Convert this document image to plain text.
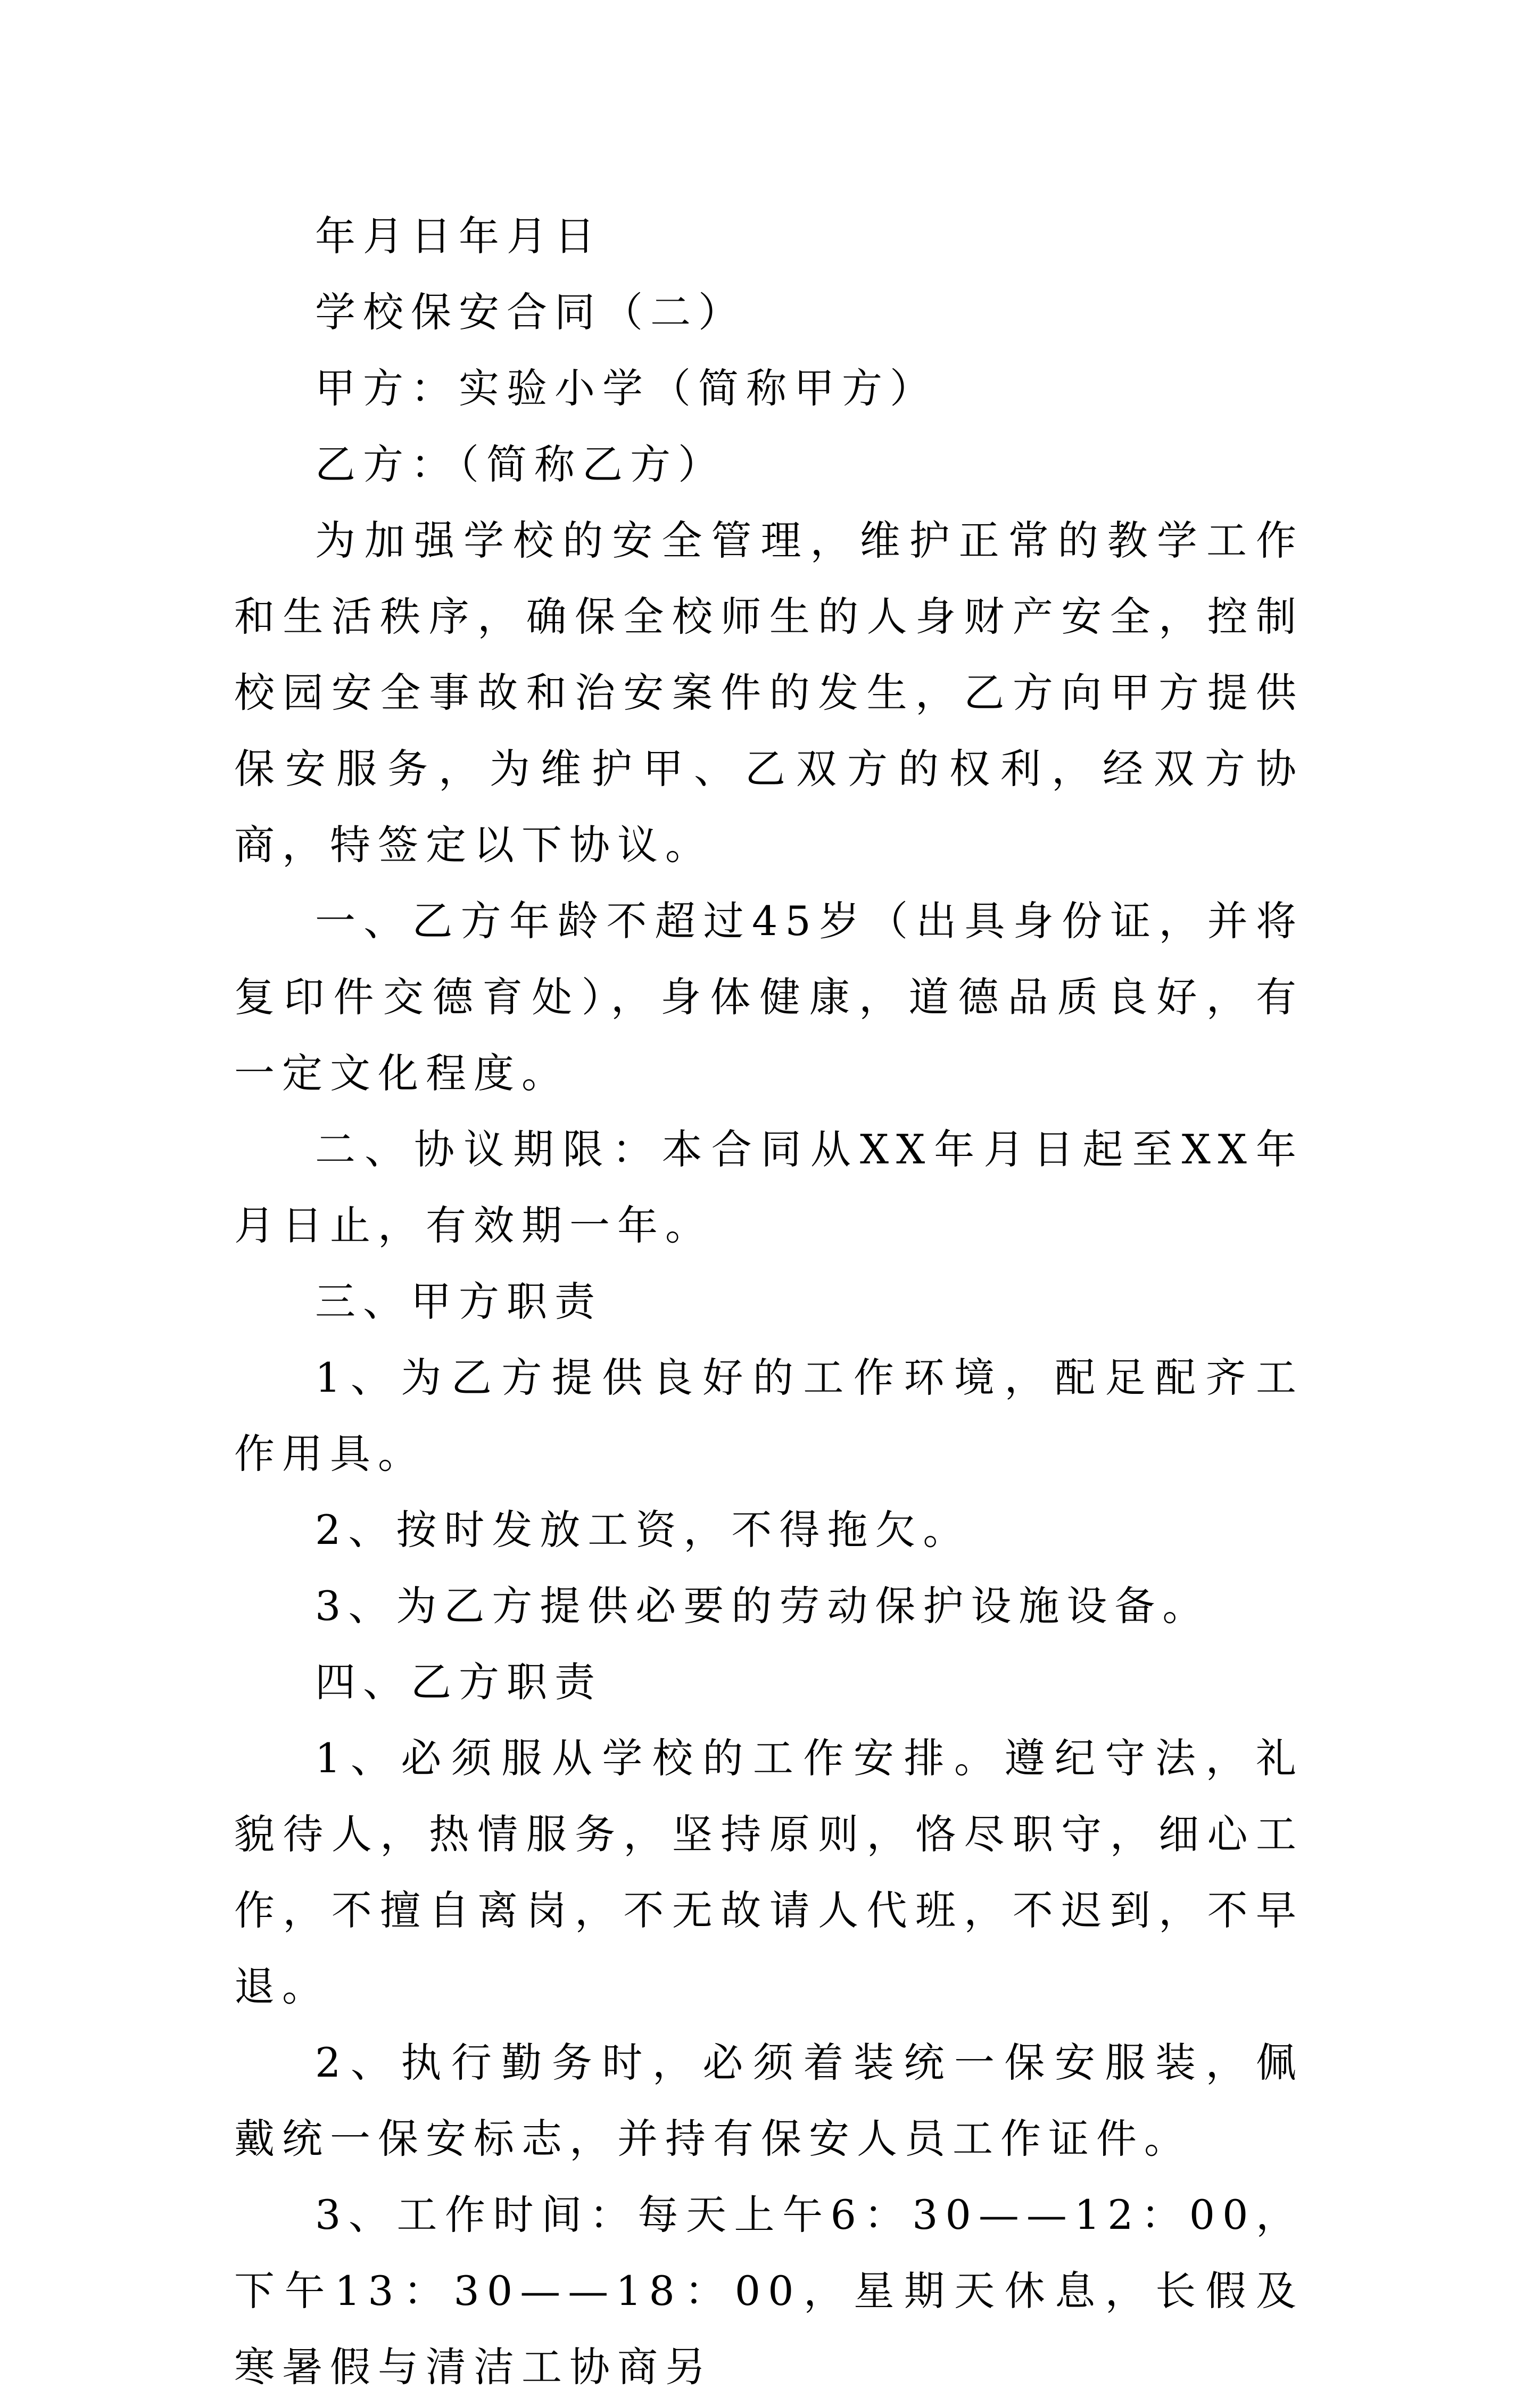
年月日年月日

学校保安合同（二）

甲方：实验小学（简称甲方）

乙方：（简称乙方）

为加强学校的安全管理，维护正常的教学工作和生活秩序，确保全校师生的人身财产安全，控制校园安全事故和治安案件的发生，乙方向甲方提供保安服务，为维护甲、乙双方的权利，经双方协商，特签定以下协议。

一、乙方年龄不超过45岁（出具身份证，并将复印件交德育处），身体健康，道德品质良好，有一定文化程度。

二、协议期限：本合同从XX年月日起至XX年月日止，有效期一年。

三、甲方职责

1、为乙方提供良好的工作环境，配足配齐工作用具。

2、按时发放工资，不得拖欠。

3、为乙方提供必要的劳动保护设施设备。

四、乙方职责

1、必须服从学校的工作安排。遵纪守法，礼貌待人，热情服务，坚持原则，恪尽职守，细心工作，不擅自离岗，不无故请人代班，不迟到，不早退。

2、执行勤务时，必须着装统一保安服装，佩戴统一保安标志，并持有保安人员工作证件。

3、工作时间：每天上午6：30——12：00，下午13：30——18：00，星期天休息，长假及寒暑假与清洁工协商另
